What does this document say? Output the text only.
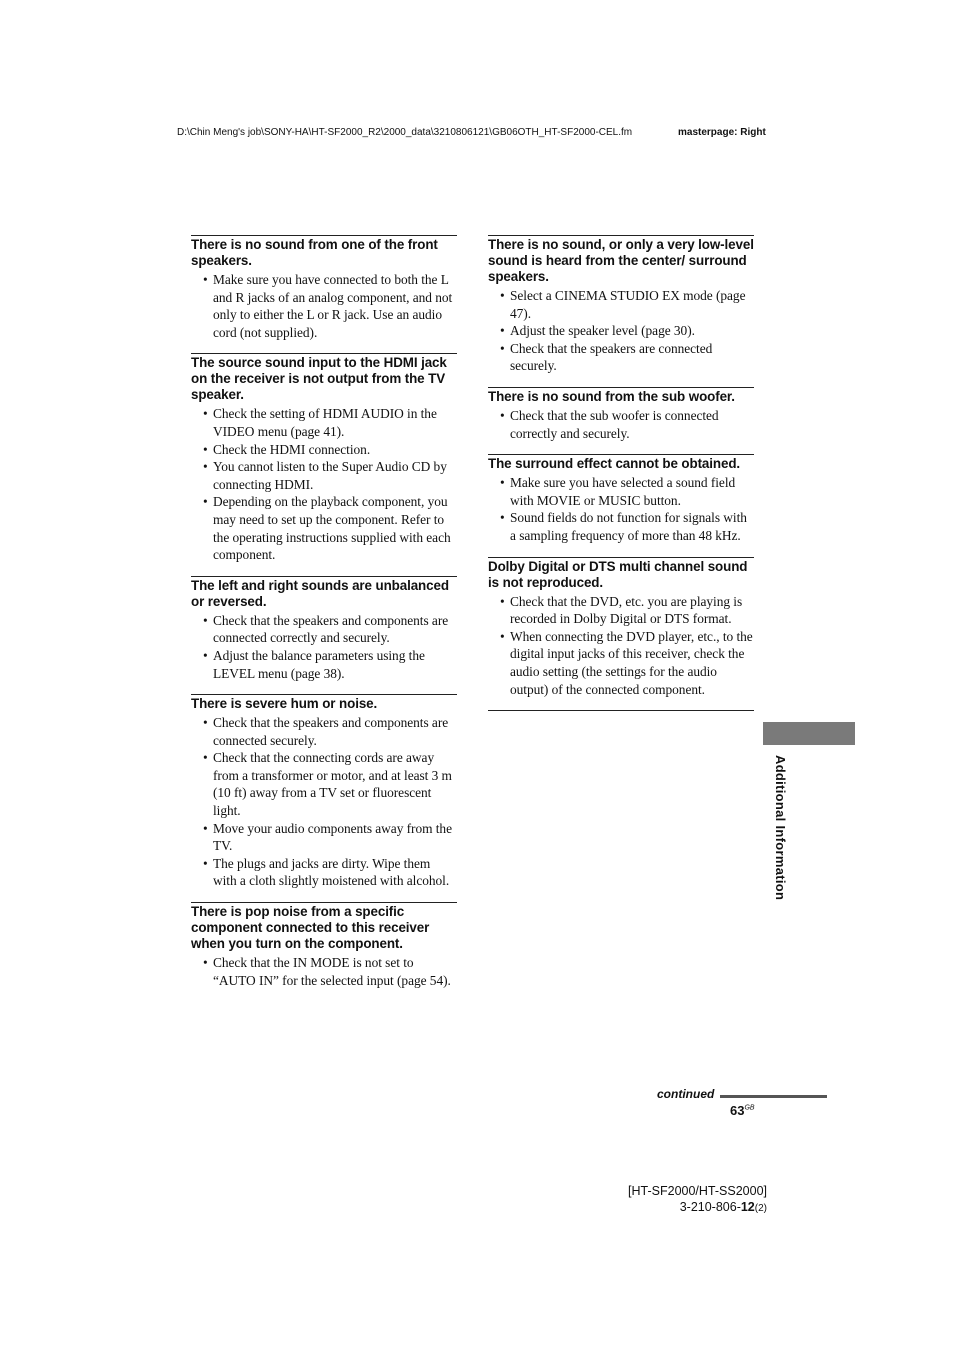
D:\Chin Meng's job\SONY-HA\HT-SF2000_R2\2000_data\3210806121\GB06OTH_HT-SF2000-CEL.fm	masterpage: Right
There is no sound from one of the front speakers.
• Make sure you have connected to both the L and R jacks of an analog component, and not only to either the L or R jack. Use an audio cord (not supplied).
The source sound input to the HDMI jack on the receiver is not output from the TV speaker.
• Check the setting of HDMI AUDIO in the VIDEO menu (page 41).
• Check the HDMI connection.
• You cannot listen to the Super Audio CD by connecting HDMI.
• Depending on the playback component, you may need to set up the component. Refer to the operating instructions supplied with each component.
The left and right sounds are unbalanced or reversed.
• Check that the speakers and components are connected correctly and securely.
• Adjust the balance parameters using the LEVEL menu (page 38).
There is severe hum or noise.
• Check that the speakers and components are connected securely.
• Check that the connecting cords are away from a transformer or motor, and at least 3 m (10 ft) away from a TV set or fluorescent light.
• Move your audio components away from the TV.
• The plugs and jacks are dirty. Wipe them with a cloth slightly moistened with alcohol.
There is pop noise from a specific component connected to this receiver when you turn on the component.
• Check that the IN MODE is not set to “AUTO IN” for the selected input (page 54).
There is no sound, or only a very low-level sound is heard from the center/ surround speakers.
• Select a CINEMA STUDIO EX mode (page 47).
• Adjust the speaker level (page 30).
• Check that the speakers are connected securely.
There is no sound from the sub woofer.
• Check that the sub woofer is connected correctly and securely.
The surround effect cannot be obtained.
• Make sure you have selected a sound field with MOVIE or MUSIC button.
• Sound fields do not function for signals with a sampling frequency of more than 48 kHz.
Dolby Digital or DTS multi channel sound is not reproduced.
• Check that the DVD, etc. you are playing is recorded in Dolby Digital or DTS format.
• When connecting the DVD player, etc., to the digital input jacks of this receiver, check the audio setting (the settings for the audio output) of the connected component.
Additional Information
continued
$63^{GB}$
[HT-SF2000/HT-SS2000]
3-210-806-12(2)
